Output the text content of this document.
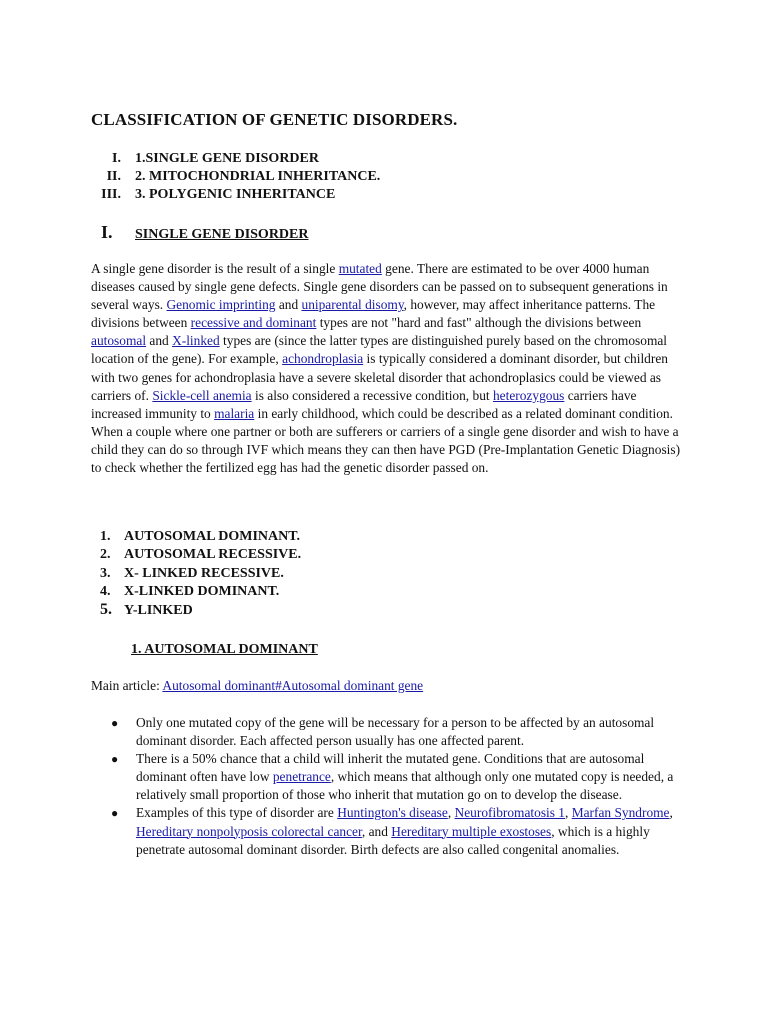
CLASSIFICATION OF GENETIC DISORDERS.
I. 1.SINGLE GENE DISORDER
II. 2. MITOCHONDRIAL INHERITANCE.
III. 3. POLYGENIC INHERITANCE
I. SINGLE GENE DISORDER
A single gene disorder is the result of a single mutated gene. There are estimated to be over 4000 human diseases caused by single gene defects. Single gene disorders can be passed on to subsequent generations in several ways. Genomic imprinting and uniparental disomy, however, may affect inheritance patterns. The divisions between recessive and dominant types are not "hard and fast" although the divisions between autosomal and X-linked types are (since the latter types are distinguished purely based on the chromosomal location of the gene). For example, achondroplasia is typically considered a dominant disorder, but children with two genes for achondroplasia have a severe skeletal disorder that achondroplasics could be viewed as carriers of. Sickle-cell anemia is also considered a recessive condition, but heterozygous carriers have increased immunity to malaria in early childhood, which could be described as a related dominant condition. When a couple where one partner or both are sufferers or carriers of a single gene disorder and wish to have a child they can do so through IVF which means they can then have PGD (Pre-Implantation Genetic Diagnosis) to check whether the fertilized egg has had the genetic disorder passed on.
1. AUTOSOMAL DOMINANT.
2. AUTOSOMAL RECESSIVE.
3. X- LINKED RECESSIVE.
4. X-LINKED DOMINANT.
5. Y-LINKED
1. AUTOSOMAL DOMINANT
Main article: Autosomal dominant#Autosomal dominant gene
● Only one mutated copy of the gene will be necessary for a person to be affected by an autosomal dominant disorder. Each affected person usually has one affected parent.
● There is a 50% chance that a child will inherit the mutated gene. Conditions that are autosomal dominant often have low penetrance, which means that although only one mutated copy is needed, a relatively small proportion of those who inherit that mutation go on to develop the disease.
● Examples of this type of disorder are Huntington's disease, Neurofibromatosis 1, Marfan Syndrome, Hereditary nonpolyposis colorectal cancer, and Hereditary multiple exostoses, which is a highly penetrate autosomal dominant disorder. Birth defects are also called congenital anomalies.
